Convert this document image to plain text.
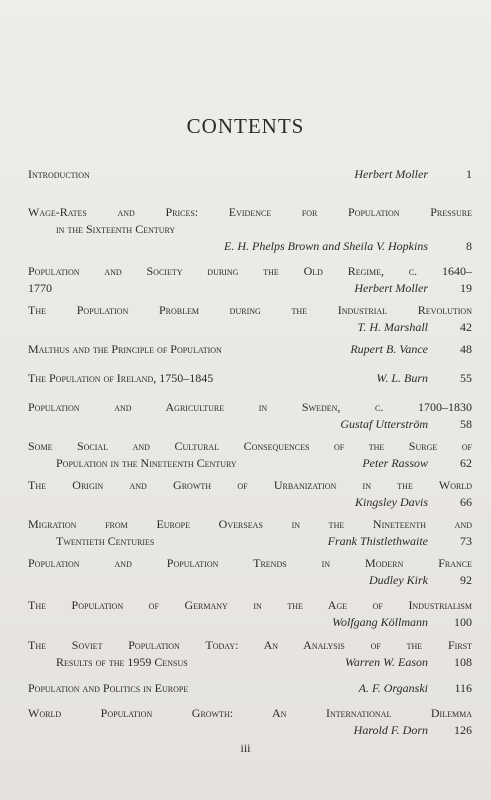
CONTENTS
Introduction	Herbert Moller	1
Wage-Rates and Prices: Evidence for Population Pressure
in the Sixteenth Century
E. H. Phelps Brown and Sheila V. Hopkins	8
Population and Society during the Old Regime, c. 1640–
1770	Herbert Moller	19
The Population Problem during the Industrial Revolution
T. H. Marshall	42
Malthus and the Principle of Population	Rupert B. Vance	48
The Population of Ireland, 1750–1845	W. L. Burn	55
Population and Agriculture in Sweden, c. 1700–1830
Gustaf Utterström	58
Some Social and Cultural Consequences of the Surge of
Population in the Nineteenth Century	Peter Rassow	62
The Origin and Growth of Urbanization in the World
Kingsley Davis	66
Migration from Europe Overseas in the Nineteenth and
Twentieth Centuries	Frank Thistlethwaite	73
Population and Population Trends in Modern France
Dudley Kirk	92
The Population of Germany in the Age of Industrialism
Wolfgang Köllmann	100
The Soviet Population Today: An Analysis of the First
Results of the 1959 Census	Warren W. Eason	108
Population and Politics in Europe	A. F. Organski	116
World Population Growth: An International Dilemma
Harold F. Dorn	126
iii
